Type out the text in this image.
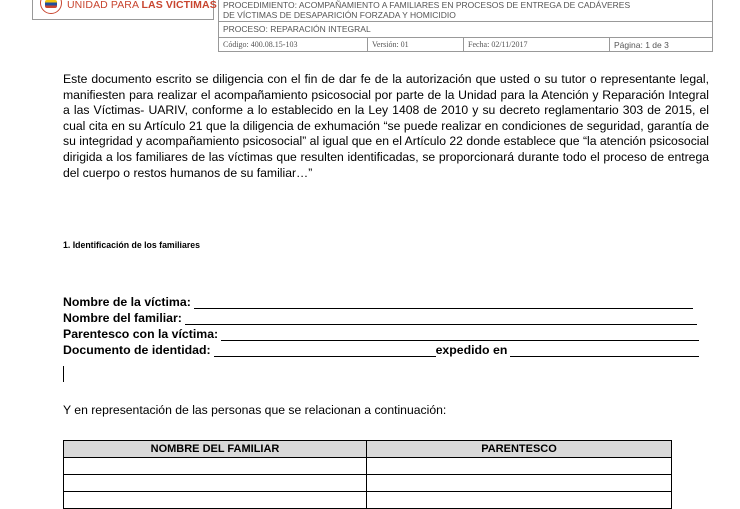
UNIDAD PARA LAS VÍCTIMAS PROCEDIMIENTO: ACOMPAÑAMIENTO A FAMILIARES EN PROCESOS DE ENTREGA DE CADÁVERES
DE VÍCTIMAS DE DESAPARICIÓN FORZADA Y HOMICIDIO
PROCESO: REPARACIÓN INTEGRAL
Código: 400.08.15-103	Versión: 01	Fecha: 02/11/2017	Página: 1 de 3

Este documento escrito se diligencia con el fin de dar fe de la autorización que usted o su tutor o representante legal, manifiesten para realizar el acompañamiento psicosocial por parte de la Unidad para la Atención y Reparación Integral a las Víctimas- UARIV, conforme a lo establecido en la Ley 1408 de 2010 y su decreto reglamentario 303 de 2015, el cual cita en su Artículo 21 que la diligencia de exhumación “se puede realizar en condiciones de seguridad, garantía de su integridad y acompañamiento psicosocial” al igual que en el Artículo 22 donde establece que “la atención psicosocial dirigida a los familiares de las víctimas que resulten identificadas, se proporcionará durante todo el proceso de entrega del cuerpo o restos humanos de su familiar…”

1. Identificación de los familiares
Nombre de la víctima:
Nombre del familiar:
Parentesco con la víctima:
Documento de identidad:	expedido en
Y en representación de las personas que se relacionan a continuación:
NOMBRE DEL FAMILIAR	PARENTESCO
